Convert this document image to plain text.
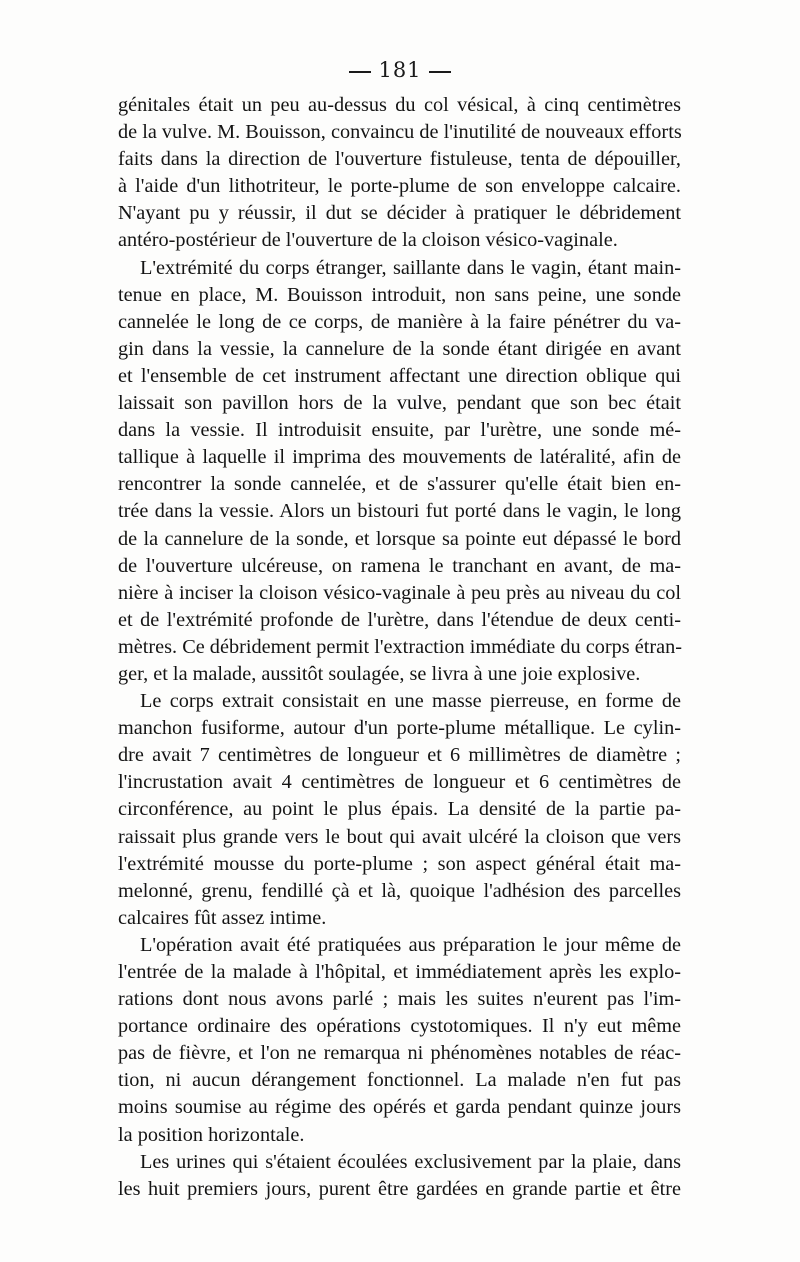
181
génitales était un peu au-dessus du col vésical, à cinq centimètres
de la vulve. M. Bouisson, convaincu de l'inutilité de nouveaux efforts
faits dans la direction de l'ouverture fistuleuse, tenta de dépouiller,
à l'aide d'un lithotriteur, le porte-plume de son enveloppe calcaire.
N'ayant pu y réussir, il dut se décider à pratiquer le débridement
antéro-postérieur de l'ouverture de la cloison vésico-vaginale.
L'extrémité du corps étranger, saillante dans le vagin, étant main-
tenue en place, M. Bouisson introduit, non sans peine, une sonde
cannelée le long de ce corps, de manière à la faire pénétrer du va-
gin dans la vessie, la cannelure de la sonde étant dirigée en avant
et l'ensemble de cet instrument affectant une direction oblique qui
laissait son pavillon hors de la vulve, pendant que son bec était
dans la vessie. Il introduisit ensuite, par l'urètre, une sonde mé-
tallique à laquelle il imprima des mouvements de latéralité, afin de
rencontrer la sonde cannelée, et de s'assurer qu'elle était bien en-
trée dans la vessie. Alors un bistouri fut porté dans le vagin, le long
de la cannelure de la sonde, et lorsque sa pointe eut dépassé le bord
de l'ouverture ulcéreuse, on ramena le tranchant en avant, de ma-
nière à inciser la cloison vésico-vaginale à peu près au niveau du col
et de l'extrémité profonde de l'urètre, dans l'étendue de deux centi-
mètres. Ce débridement permit l'extraction immédiate du corps étran-
ger, et la malade, aussitôt soulagée, se livra à une joie explosive.
Le corps extrait consistait en une masse pierreuse, en forme de
manchon fusiforme, autour d'un porte-plume métallique. Le cylin-
dre avait 7 centimètres de longueur et 6 millimètres de diamètre ;
l'incrustation avait 4 centimètres de longueur et 6 centimètres de
circonférence, au point le plus épais. La densité de la partie pa-
raissait plus grande vers le bout qui avait ulcéré la cloison que vers
l'extrémité mousse du porte-plume ; son aspect général était ma-
melonné, grenu, fendillé çà et là, quoique l'adhésion des parcelles
calcaires fût assez intime.
L'opération avait été pratiquées aus préparation le jour même de
l'entrée de la malade à l'hôpital, et immédiatement après les explo-
rations dont nous avons parlé ; mais les suites n'eurent pas l'im-
portance ordinaire des opérations cystotomiques. Il n'y eut même
pas de fièvre, et l'on ne remarqua ni phénomènes notables de réac-
tion, ni aucun dérangement fonctionnel. La malade n'en fut pas
moins soumise au régime des opérés et garda pendant quinze jours
la position horizontale.
Les urines qui s'étaient écoulées exclusivement par la plaie, dans
les huit premiers jours, purent être gardées en grande partie et être
